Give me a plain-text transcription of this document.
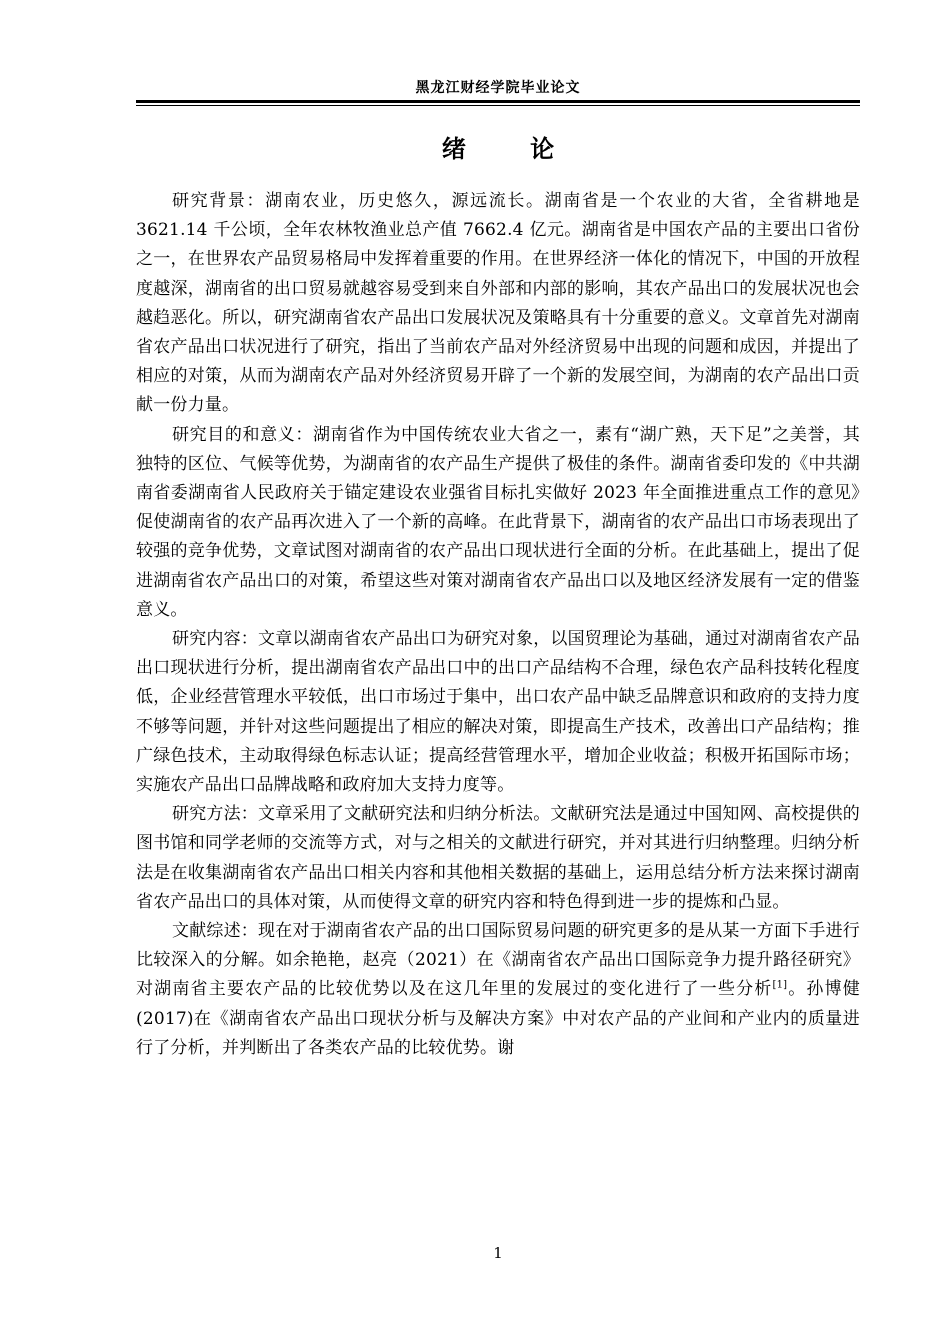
黑龙江财经学院毕业论文
绪 论

研究背景：湖南农业，历史悠久，源远流长。湖南省是一个农业的大省，全省耕地是 3621.14 千公顷，全年农林牧渔业总产值 7662.4 亿元。湖南省是中国农产品的主要出口省份之一，在世界农产品贸易格局中发挥着重要的作用。在世界经济一体化的情况下，中国的开放程度越深，湖南省的出口贸易就越容易受到来自外部和内部的影响，其农产品出口的发展状况也会越趋恶化。所以，研究湖南省农产品出口发展状况及策略具有十分重要的意义。文章首先对湖南省农产品出口状况进行了研究，指出了当前农产品对外经济贸易中出现的问题和成因，并提出了相应的对策，从而为湖南农产品对外经济贸易开辟了一个新的发展空间，为湖南的农产品出口贡献一份力量。

研究目的和意义：湖南省作为中国传统农业大省之一，素有“湖广熟，天下足”之美誉，其独特的区位、气候等优势，为湖南省的农产品生产提供了极佳的条件。湖南省委印发的《中共湖南省委湖南省人民政府关于锚定建设农业强省目标扎实做好 2023 年全面推进重点工作的意见》促使湖南省的农产品再次进入了一个新的高峰。在此背景下，湖南省的农产品出口市场表现出了较强的竞争优势，文章试图对湖南省的农产品出口现状进行全面的分析。在此基础上，提出了促进湖南省农产品出口的对策，希望这些对策对湖南省农产品出口以及地区经济发展有一定的借鉴意义。

研究内容：文章以湖南省农产品出口为研究对象，以国贸理论为基础，通过对湖南省农产品出口现状进行分析，提出湖南省农产品出口中的出口产品结构不合理，绿色农产品科技转化程度低，企业经营管理水平较低，出口市场过于集中，出口农产品中缺乏品牌意识和政府的支持力度不够等问题，并针对这些问题提出了相应的解决对策，即提高生产技术，改善出口产品结构；推广绿色技术，主动取得绿色标志认证；提高经营管理水平，增加企业收益；积极开拓国际市场；实施农产品出口品牌战略和政府加大支持力度等。

研究方法：文章采用了文献研究法和归纳分析法。文献研究法是通过中国知网、高校提供的图书馆和同学老师的交流等方式，对与之相关的文献进行研究，并对其进行归纳整理。归纳分析法是在收集湖南省农产品出口相关内容和其他相关数据的基础上，运用总结分析方法来探讨湖南省农产品出口的具体对策，从而使得文章的研究内容和特色得到进一步的提炼和凸显。

文献综述：现在对于湖南省农产品的出口国际贸易问题的研究更多的是从某一方面下手进行比较深入的分解。如余艳艳，赵亮（2021）在《湖南省农产品出口国际竞争力提升路径研究》对湖南省主要农产品的比较优势以及在这几年里的发展过的变化进行了一些分析[1]。孙博健(2017)在《湖南省农产品出口现状分析与及解决方案》中对农产品的产业间和产业内的质量进行了分析，并判断出了各类农产品的比较优势。谢

1
